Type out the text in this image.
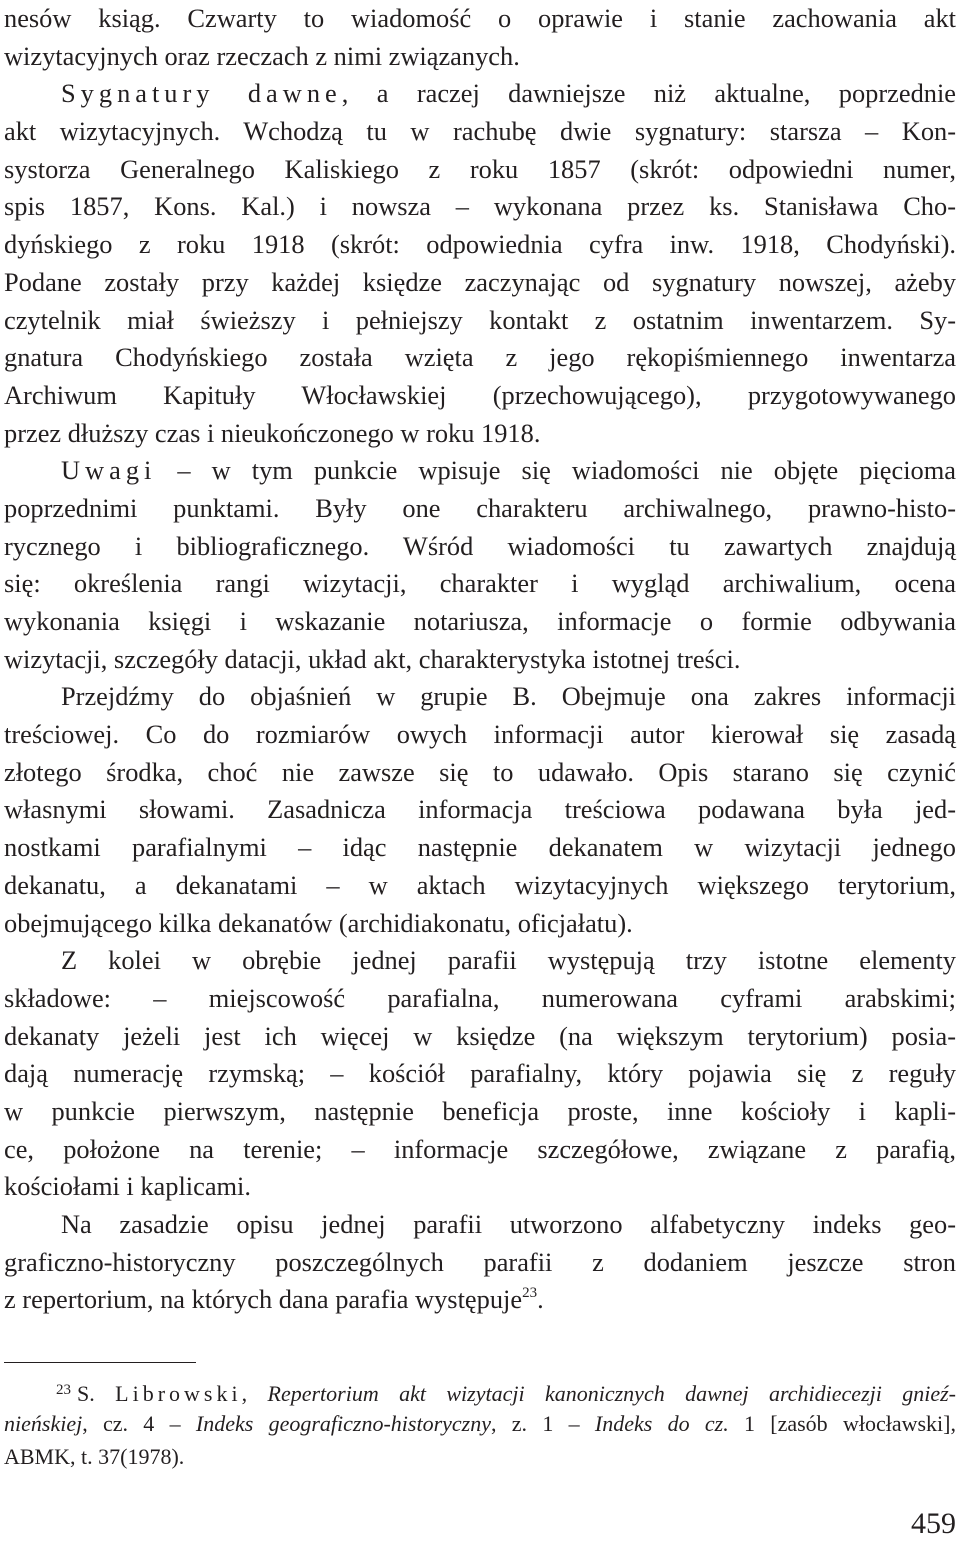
nesów ksiąg. Czwarty to wiadomość o oprawie i stanie zachowania akt
wizytacyjnych oraz rzeczach z nimi związanych.
Sygnatury dawne, a raczej dawniejsze niż aktualne, poprzednie
akt wizytacyjnych. Wchodzą tu w rachubę dwie sygnatury: starsza – Kon-
systorza Generalnego Kaliskiego z roku 1857 (skrót: odpowiedni numer,
spis 1857, Kons. Kal.) i nowsza – wykonana przez ks. Stanisława Cho-
dyńskiego z roku 1918 (skrót: odpowiednia cyfra inw. 1918, Chodyński).
Podane zostały przy każdej księdze zaczynając od sygnatury nowszej, ażeby
czytelnik miał świeższy i pełniejszy kontakt z ostatnim inwentarzem. Sy-
gnatura Chodyńskiego została wzięta z jego rękopiśmiennego inwentarza
Archiwum Kapituły Włocławskiej (przechowującego), przygotowywanego
przez dłuższy czas i nieukończonego w roku 1918.
Uwagi – w tym punkcie wpisuje się wiadomości nie objęte pięcioma
poprzednimi punktami. Były one charakteru archiwalnego, prawno-histo-
rycznego i bibliograficznego. Wśród wiadomości tu zawartych znajdują
się: określenia rangi wizytacji, charakter i wygląd archiwalium, ocena
wykonania księgi i wskazanie notariusza, informacje o formie odbywania
wizytacji, szczegóły datacji, układ akt, charakterystyka istotnej treści.
Przejdźmy do objaśnień w grupie B. Obejmuje ona zakres informacji
treściowej. Co do rozmiarów owych informacji autor kierował się zasadą
złotego środka, choć nie zawsze się to udawało. Opis starano się czynić
własnymi słowami. Zasadnicza informacja treściowa podawana była jed-
nostkami parafialnymi – idąc następnie dekanatem w wizytacji jednego
dekanatu, a dekanatami – w aktach wizytacyjnych większego terytorium,
obejmującego kilka dekanatów (archidiakonatu, oficjałatu).
Z kolei w obrębie jednej parafii występują trzy istotne elementy
składowe: – miejscowość parafialna, numerowana cyframi arabskimi;
dekanaty jeżeli jest ich więcej w księdze (na większym terytorium) posia-
dają numerację rzymską; – kościół parafialny, który pojawia się z reguły
w punkcie pierwszym, następnie beneficja proste, inne kościoły i kapli-
ce, położone na terenie; – informacje szczegółowe, związane z parafią,
kościołami i kaplicami.
Na zasadzie opisu jednej parafii utworzono alfabetyczny indeks geo-
graficzno-historyczny poszczególnych parafii z dodaniem jeszcze stron
z repertorium, na których dana parafia występuje$^{23}$.
$^{23}$ S. Librowski, Repertorium akt wizytacji kanonicznych dawnej archidiecezji gnieź-
nieńskiej, cz. 4 – Indeks geograficzno-historyczny, z. 1 – Indeks do cz. 1 [zasób włocławski],
ABMK, t. 37(1978).
459
